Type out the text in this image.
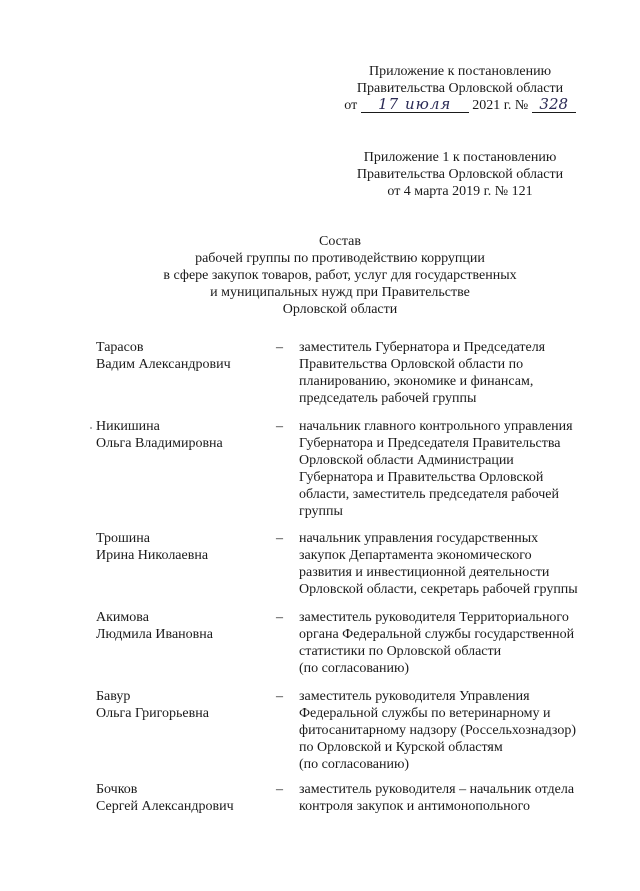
Приложение к постановлению
Правительства Орловской области
от 17 июля 2021 г. № 328
Приложение 1 к постановлению
Правительства Орловской области
от 4 марта 2019 г. № 121
Состав
рабочей группы по противодействию коррупции
в сфере закупок товаров, работ, услуг для государственных
и муниципальных нужд при Правительстве
Орловской области
Тарасов
Вадим Александрович
– заместитель Губернатора и Председателя
Правительства Орловской области по
планированию, экономике и финансам,
председатель рабочей группы
Никишина
Ольга Владимировна
– начальник главного контрольного управления
Губернатора и Председателя Правительства
Орловской области Администрации
Губернатора и Правительства Орловской
области, заместитель председателя рабочей
группы
Трошина
Ирина Николаевна
– начальник управления государственных
закупок Департамента экономического
развития и инвестиционной деятельности
Орловской области, секретарь рабочей группы
Акимова
Людмила Ивановна
– заместитель руководителя Территориального
органа Федеральной службы государственной
статистики по Орловской области
(по согласованию)
Бавур
Ольга Григорьевна
– заместитель руководителя Управления
Федеральной службы по ветеринарному и
фитосанитарному надзору (Россельхознадзор)
по Орловской и Курской областям
(по согласованию)
Бочков
Сергей Александрович
– заместитель руководителя – начальник отдела
контроля закупок и антимонопольного
